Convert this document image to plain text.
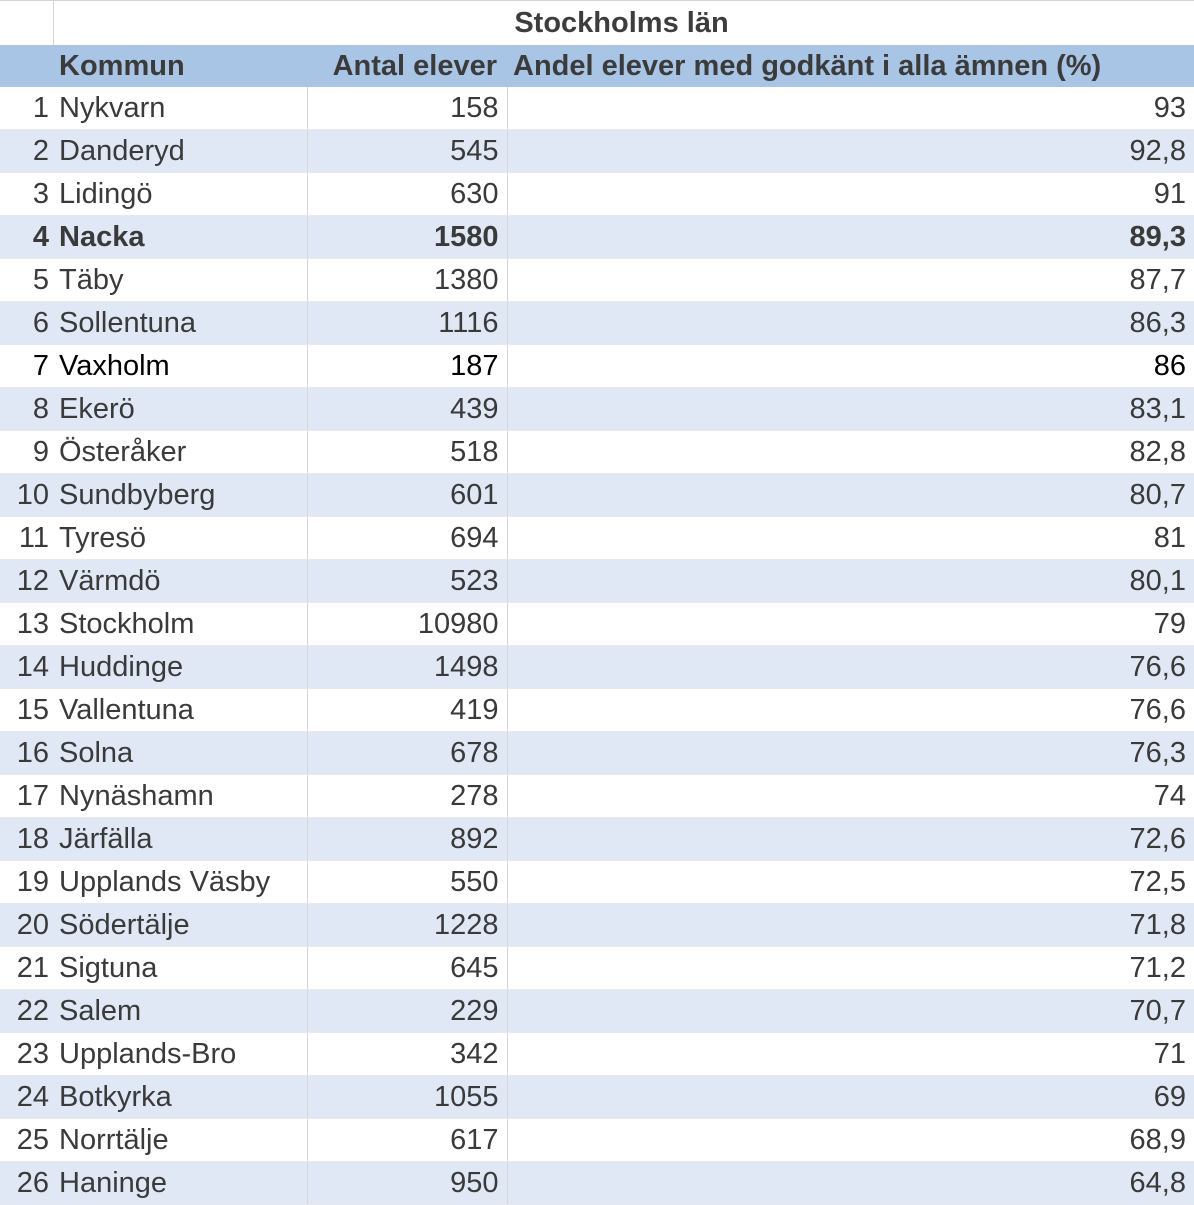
	Stockholms län		
	Kommun	Antal elever	Andel elever med godkänt i alla ämnen (%)
1	Nykvarn	158	93
2	Danderyd	545	92,8
3	Lidingö	630	91
4	Nacka	1580	89,3
5	Täby	1380	87,7
6	Sollentuna	1116	86,3
7	Vaxholm	187	86
8	Ekerö	439	83,1
9	Österåker	518	82,8
10	Sundbyberg	601	80,7
11	Tyresö	694	81
12	Värmdö	523	80,1
13	Stockholm	10980	79
14	Huddinge	1498	76,6
15	Vallentuna	419	76,6
16	Solna	678	76,3
17	Nynäshamn	278	74
18	Järfälla	892	72,6
19	Upplands Väsby	550	72,5
20	Södertälje	1228	71,8
21	Sigtuna	645	71,2
22	Salem	229	70,7
23	Upplands-Bro	342	71
24	Botkyrka	1055	69
25	Norrtälje	617	68,9
26	Haninge	950	64,8
